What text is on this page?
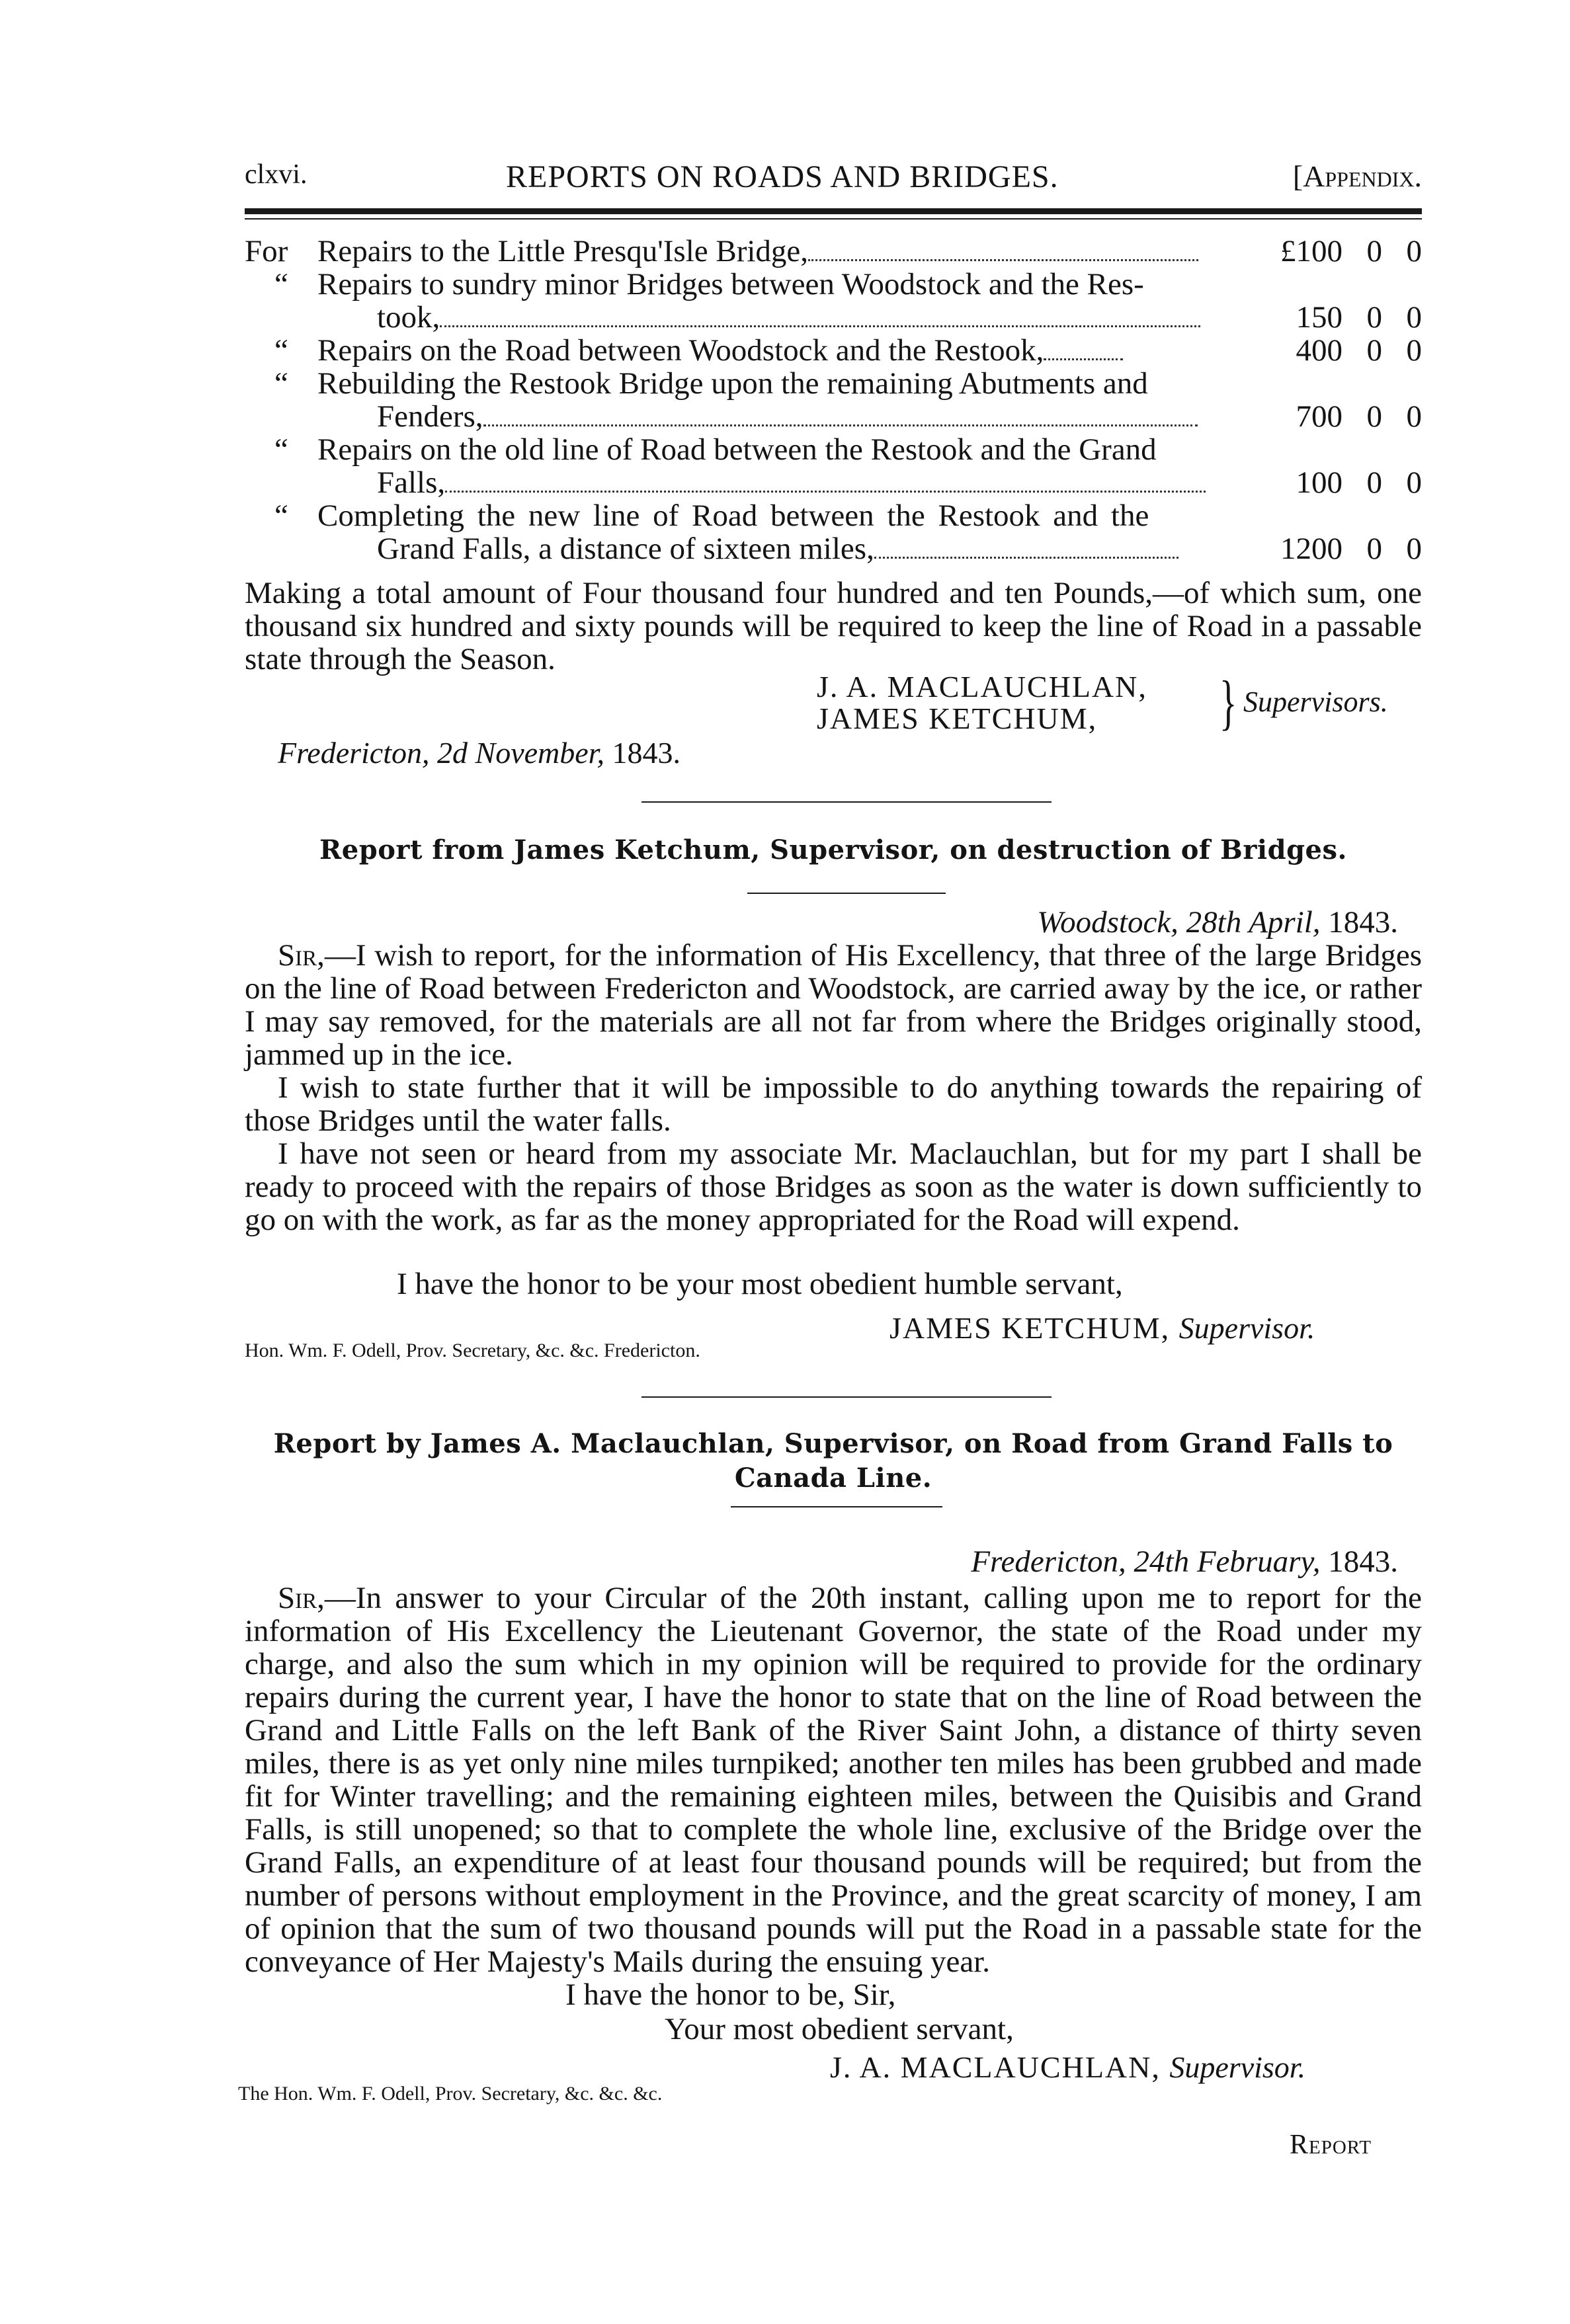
clxvi.	REPORTS ON ROADS AND BRIDGES.	[Appendix.
For Repairs to the Little Presqu'Isle Bridge,	£100 0 0
“ Repairs to sundry minor Bridges between Woodstock and the Res-
took,	150 0 0
“ Repairs on the Road between Woodstock and the Restook,	400 0 0
“ Rebuilding the Restook Bridge upon the remaining Abutments and
Fenders,	700 0 0
“ Repairs on the old line of Road between the Restook and the Grand
Falls,	100 0 0
“ Completing the new line of Road between the Restook and the
Grand Falls, a distance of sixteen miles,	1200 0 0
Making a total amount of Four thousand four hundred and ten Pounds,—of which sum, one thousand six hundred and sixty pounds will be required to keep the line of Road in a passable state through the Season.
J. A. MACLAUCHLAN,
JAMES KETCHUM, } Supervisors.
Fredericton, 2d November, 1843.
Report from James Ketchum, Supervisor, on destruction of Bridges.
Woodstock, 28th April, 1843.

Sir,—I wish to report, for the information of His Excellency, that three of the large Bridges on the line of Road between Fredericton and Woodstock, are carried away by the ice, or rather I may say removed, for the materials are all not far from where the Bridges originally stood, jammed up in the ice.

I wish to state further that it will be impossible to do anything towards the repairing of those Bridges until the water falls.

I have not seen or heard from my associate Mr. Maclauchlan, but for my part I shall be ready to proceed with the repairs of those Bridges as soon as the water is down sufficiently to go on with the work, as far as the money appropriated for the Road will expend.

I have the honor to be your most obedient humble servant,
JAMES KETCHUM, Supervisor.
Hon. Wm. F. Odell, Prov. Secretary, &c. &c. Fredericton.
Report by James A. Maclauchlan, Supervisor, on Road from Grand Falls to
Canada Line.
Fredericton, 24th February, 1843.

Sir,—In answer to your Circular of the 20th instant, calling upon me to report for the information of His Excellency the Lieutenant Governor, the state of the Road under my charge, and also the sum which in my opinion will be required to provide for the ordinary repairs during the current year, I have the honor to state that on the line of Road between the Grand and Little Falls on the left Bank of the River Saint John, a distance of thirty seven miles, there is as yet only nine miles turnpiked; another ten miles has been grubbed and made fit for Winter travelling; and the remaining eighteen miles, between the Quisibis and Grand Falls, is still unopened; so that to complete the whole line, exclusive of the Bridge over the Grand Falls, an expenditure of at least four thousand pounds will be required; but from the number of persons without employment in the Province, and the great scarcity of money, I am of opinion that the sum of two thousand pounds will put the Road in a passable state for the conveyance of Her Majesty's Mails during the ensuing year.

I have the honor to be, Sir,
Your most obedient servant,
J. A. MACLAUCHLAN, Supervisor.
The Hon. Wm. F. Odell, Prov. Secretary, &c. &c. &c.
Report
